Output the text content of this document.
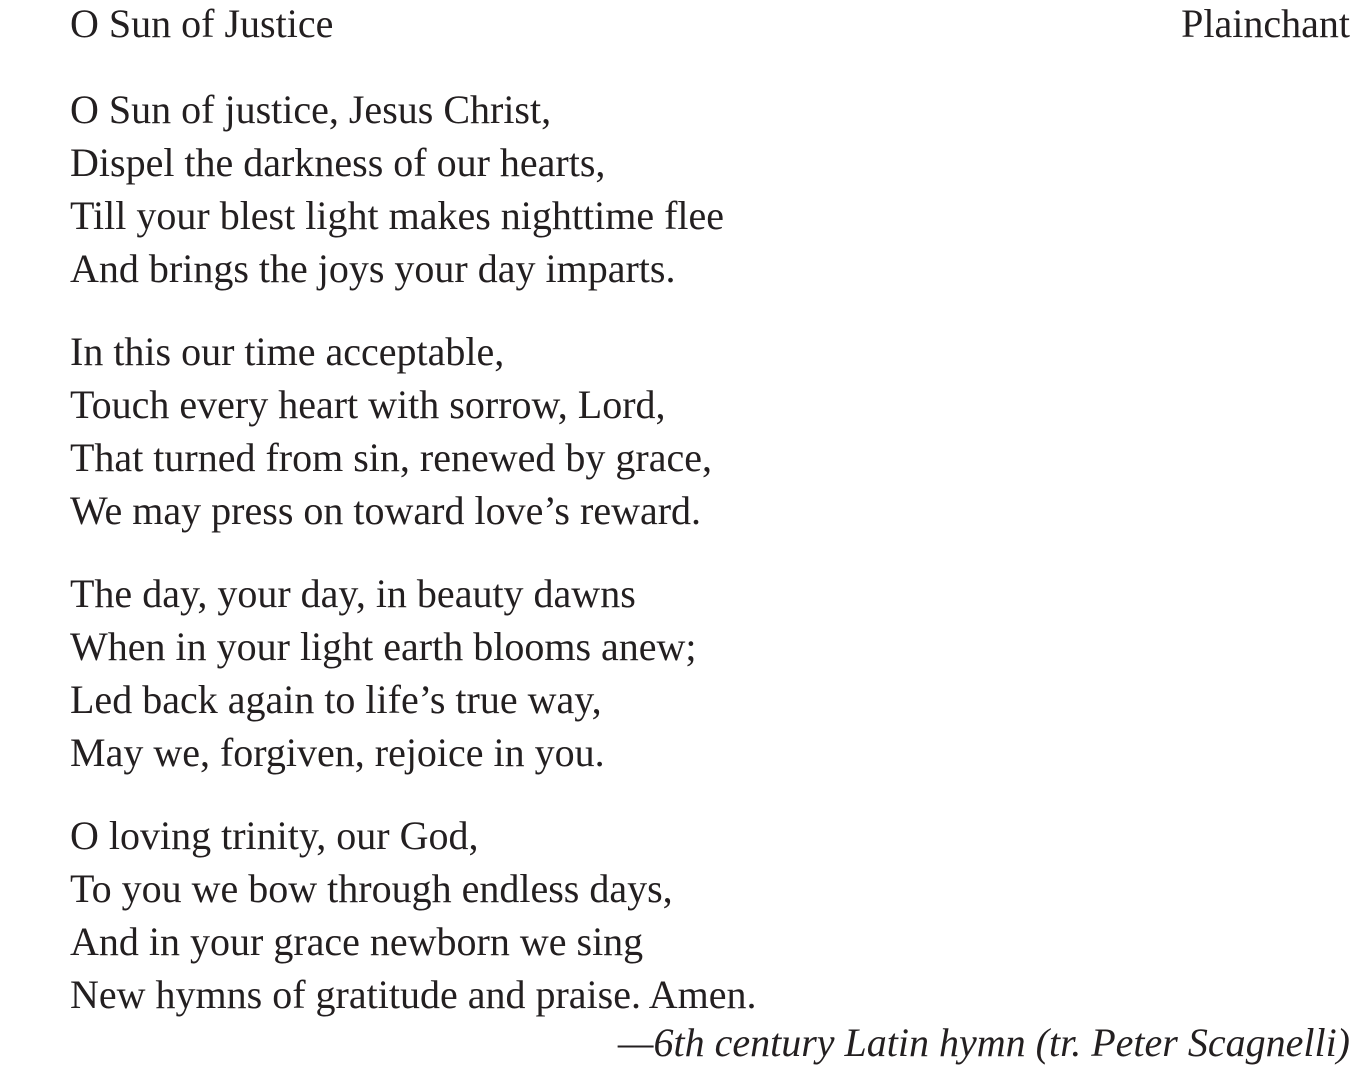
O Sun of Justice	Plainchant
O Sun of justice, Jesus Christ,
Dispel the darkness of our hearts,
Till your blest light makes nighttime flee
And brings the joys your day imparts.
In this our time acceptable,
Touch every heart with sorrow, Lord,
That turned from sin, renewed by grace,
We may press on toward love’s reward.
The day, your day, in beauty dawns
When in your light earth blooms anew;
Led back again to life’s true way,
May we, forgiven, rejoice in you.
O loving trinity, our God,
To you we bow through endless days,
And in your grace newborn we sing
New hymns of gratitude and praise. Amen.
—6th century Latin hymn (tr. Peter Scagnelli)
